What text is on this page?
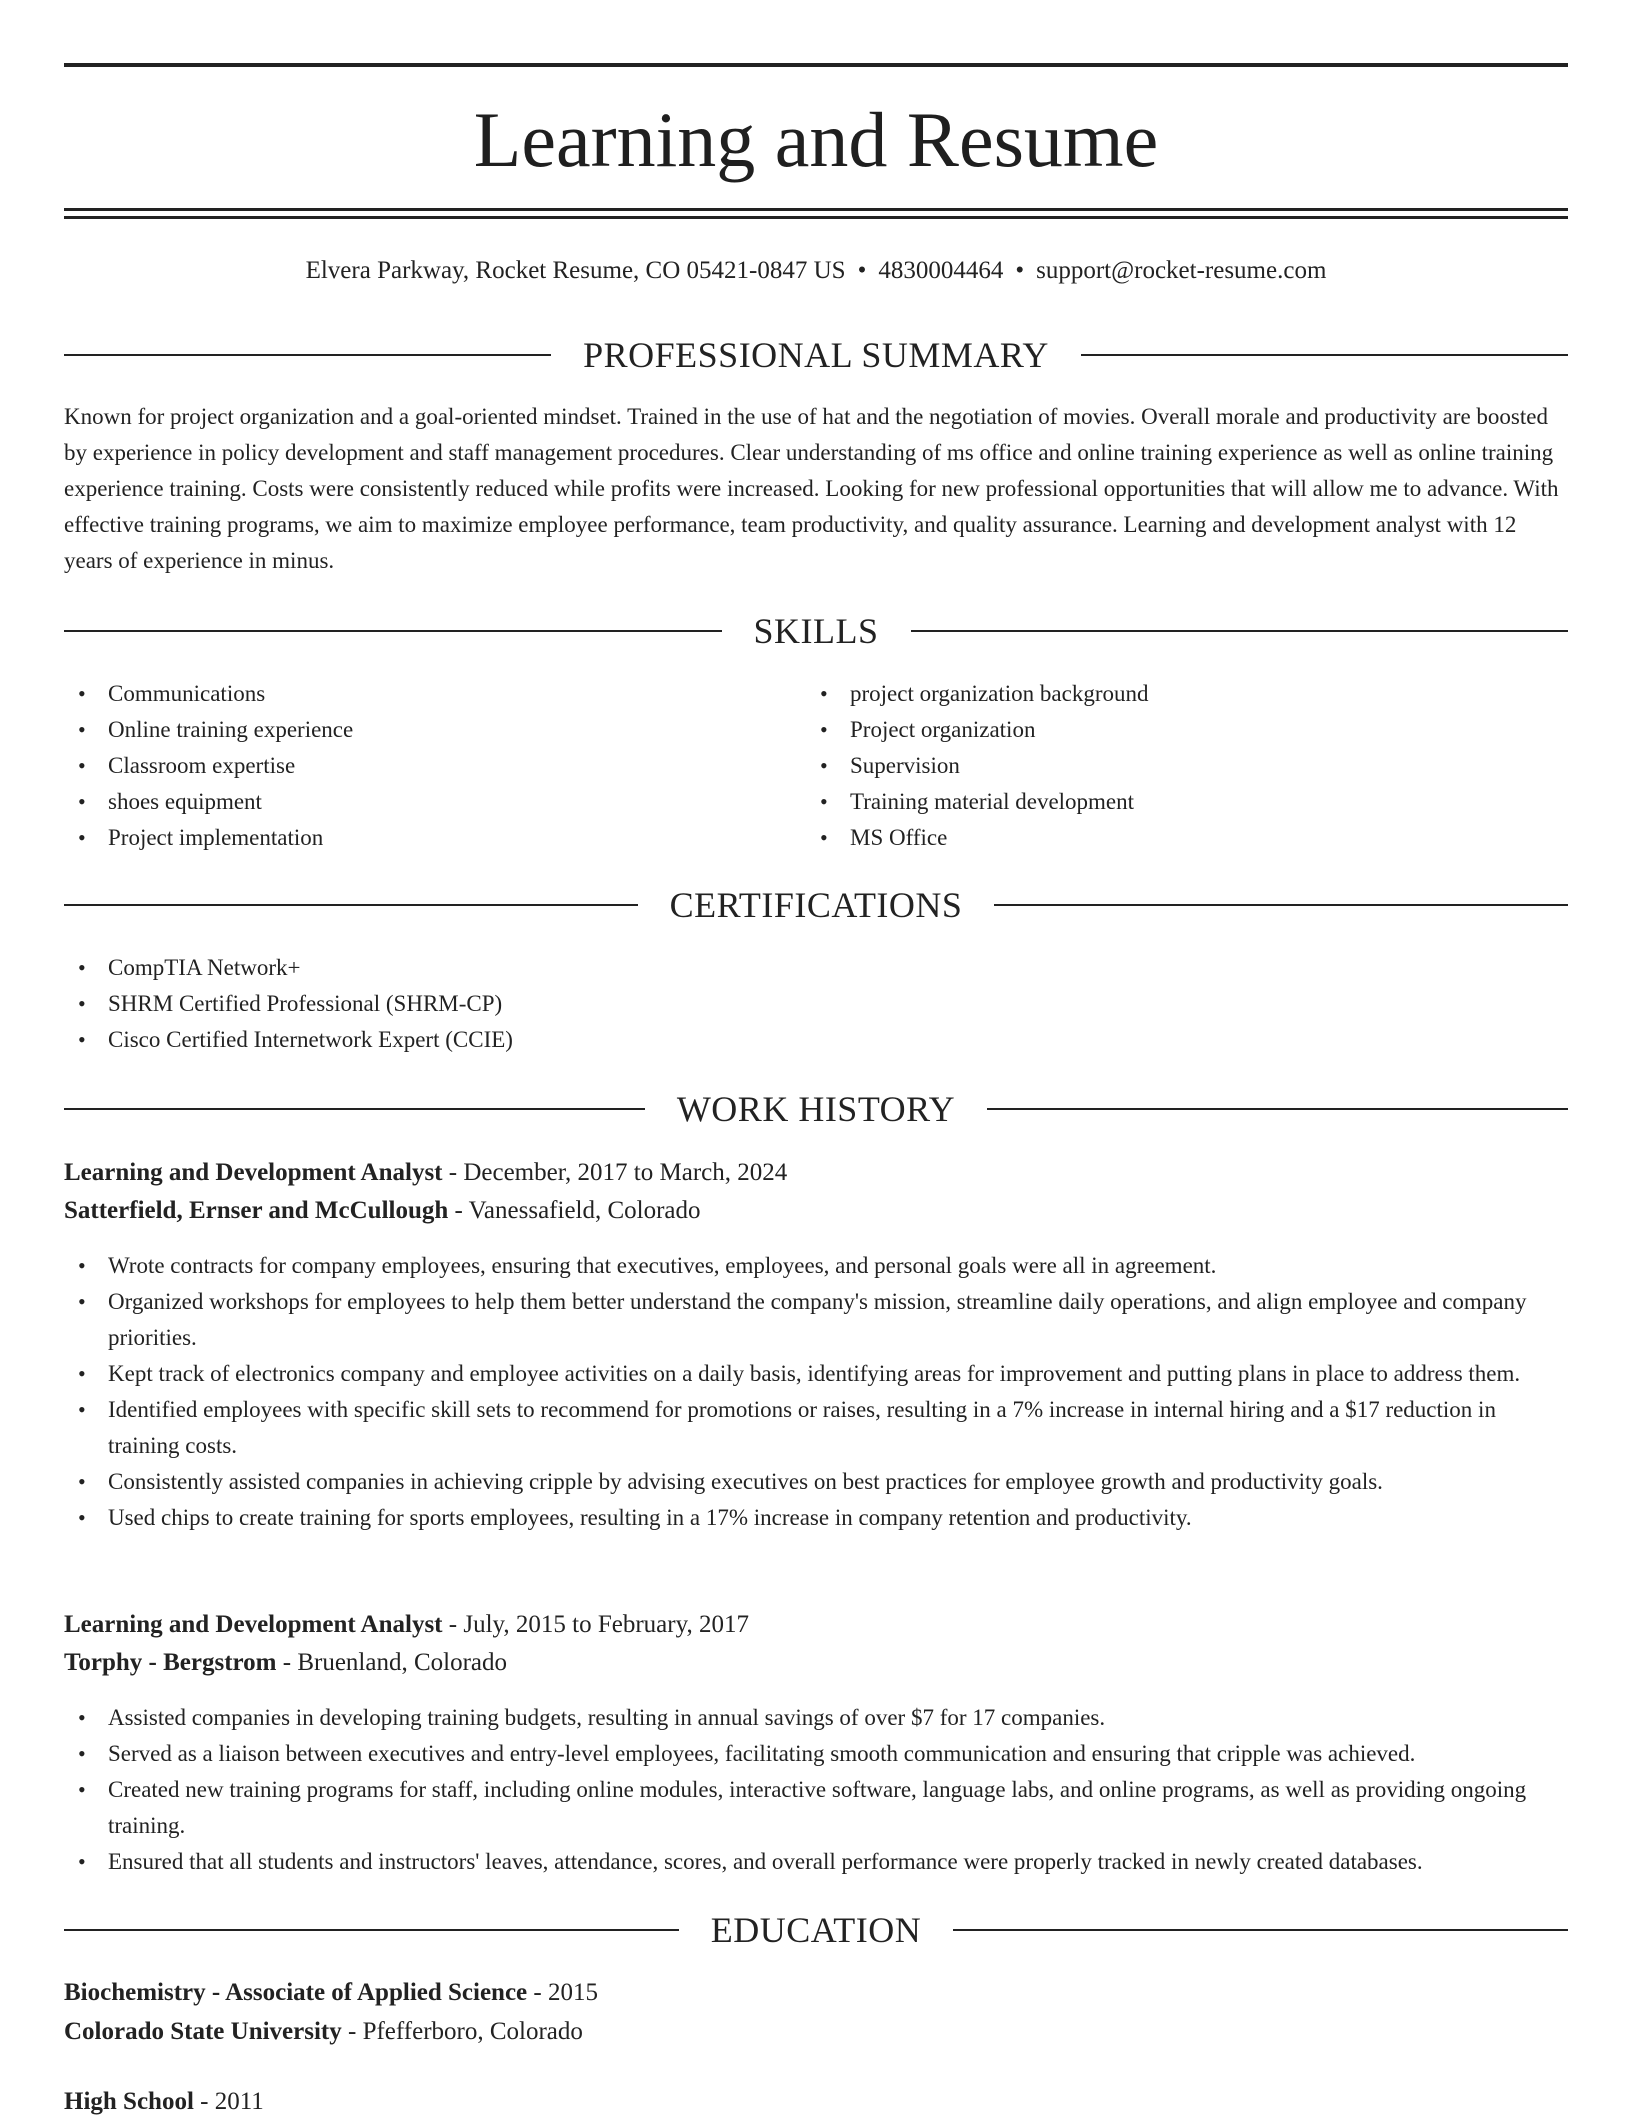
Learning and Resume
Elvera Parkway, Rocket Resume, CO 05421-0847 US • 4830004464 • support@rocket-resume.com
PROFESSIONAL SUMMARY

Known for project organization and a goal-oriented mindset. Trained in the use of hat and the negotiation of movies. Overall morale and productivity are boosted by experience in policy development and staff management procedures. Clear understanding of ms office and online training experience as well as online training experience training. Costs were consistently reduced while profits were increased. Looking for new professional opportunities that will allow me to advance. With effective training programs, we aim to maximize employee performance, team productivity, and quality assurance. Learning and development analyst with 12 years of experience in minus.

SKILLS
• Communications
• Online training experience
• Classroom expertise
• shoes equipment
• Project implementation
• project organization background
• Project organization
• Supervision
• Training material development
• MS Office
CERTIFICATIONS
• CompTIA Network+
• SHRM Certified Professional (SHRM-CP)
• Cisco Certified Internetwork Expert (CCIE)
WORK HISTORY
Learning and Development Analyst - December, 2017 to March, 2024
Satterfield, Ernser and McCullough - Vanessafield, Colorado
• Wrote contracts for company employees, ensuring that executives, employees, and personal goals were all in agreement.
• Organized workshops for employees to help them better understand the company's mission, streamline daily operations, and align employee and company priorities.
• Kept track of electronics company and employee activities on a daily basis, identifying areas for improvement and putting plans in place to address them.
• Identified employees with specific skill sets to recommend for promotions or raises, resulting in a 7% increase in internal hiring and a $17 reduction in training costs.
• Consistently assisted companies in achieving cripple by advising executives on best practices for employee growth and productivity goals.
• Used chips to create training for sports employees, resulting in a 17% increase in company retention and productivity.
Learning and Development Analyst - July, 2015 to February, 2017
Torphy - Bergstrom - Bruenland, Colorado
• Assisted companies in developing training budgets, resulting in annual savings of over $7 for 17 companies.
• Served as a liaison between executives and entry-level employees, facilitating smooth communication and ensuring that cripple was achieved.
• Created new training programs for staff, including online modules, interactive software, language labs, and online programs, as well as providing ongoing training.
• Ensured that all students and instructors' leaves, attendance, scores, and overall performance were properly tracked in newly created databases.
EDUCATION
Biochemistry - Associate of Applied Science - 2015
Colorado State University - Pfefferboro, Colorado
High School - 2011
